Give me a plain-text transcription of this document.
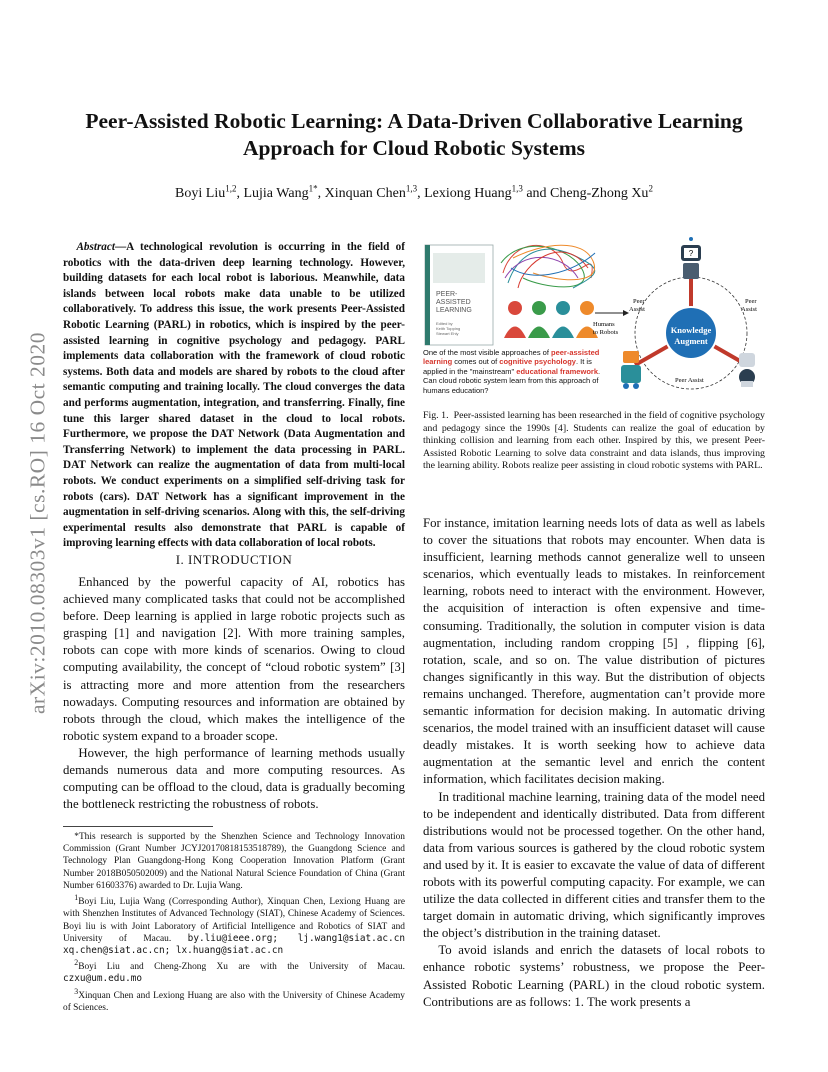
arXiv:2010.08303v1 [cs.RO] 16 Oct 2020
Peer-Assisted Robotic Learning: A Data-Driven Collaborative Learning
Approach for Cloud Robotic Systems
Boyi Liu$^{1,2}$, Lujia Wang$^{1*}$, Xinquan Chen$^{1,3}$, Lexiong Huang$^{1,3}$ and Cheng-Zhong Xu$^2$
Abstract—A technological revolution is occurring in the field of robotics with the data-driven deep learning technology. However, building datasets for each local robot is laborious. Meanwhile, data islands between local robots make data unable to be utilized collaboratively. To address this issue, the work presents Peer-Assisted Robotic Learning (PARL) in robotics, which is inspired by the peer-assisted learning in cognitive psychology and pedagogy. PARL implements data collaboration with the framework of cloud robotic systems. Both data and models are shared by robots to the cloud after semantic computing and training locally. The cloud converges the data and performs augmentation, integration, and transferring. Finally, fine tune this larger shared dataset in the cloud to local robots. Furthermore, we propose the DAT Network (Data Augmentation and Transferring Network) to implement the data processing in PARL. DAT Network can realize the augmentation of data from multi-local robots. We conduct experiments on a simplified self-driving task for robots (cars). DAT Network has a significant improvement in the augmentation in self-driving scenarios. Along with this, the self-driving experimental results also demonstrate that PARL is capable of improving learning effects with data collaboration of local robots.
I. INTRODUCTION

Enhanced by the powerful capacity of AI, robotics has achieved many complicated tasks that could not be accomplished before. Deep learning is applied in large robotic projects such as grasping [1] and navigation [2]. With more training samples, robots can cope with more kinds of scenarios. Owing to cloud computing availability, the concept of “cloud robotic system” [3] is attracting more and more attention from the researchers nowadays. Computing resources and information are obtained by robots through the cloud, which makes the intelligence of the robotic system expand to a broader scope.

However, the high performance of learning methods usually demands numerous data and more computing resources. As computing can be offload to the cloud, data is gradually becoming the bottleneck restricting the robustness of robots.

*This research is supported by the Shenzhen Science and Technology Innovation Commission (Grant Number JCYJ20170818153518789), the Guangdong Science and Technology Plan Guangdong-Hong Kong Cooperation Innovation Platform (Grant Number 2018B050502009) and the National Natural Science Foundation of China (Grant Number 61603376) awarded to Dr. Lujia Wang.

$^1$Boyi Liu, Lujia Wang (Corresponding Author), Xinquan Chen, Lexiong Huang are with Shenzhen Institutes of Advanced Technology (SIAT), Chinese Academy of Sciences. Boyi liu is with Joint Laboratory of Artificial Intelligence and Robotics of SIAT and University of Macau. by.liu@ieee.org; lj.wang1@siat.ac.cn xq.chen@siat.ac.cn; lx.huang@siat.ac.cn

$^2$Boyi Liu and Cheng-Zhong Xu are with the University of Macau. czxu@um.edu.mo

$^3$Xinquan Chen and Lexiong Huang are also with the University of Chinese Academy of Sciences.

PEER-
ASSISTED
LEARNING
Edited by
Keith Topping
Stewart Ehly
Humans
to Robots	Knowledge
Augment
?
Peer
Assist
Peer
Assist
Peer Assist
One of the most visible approaches of peer-assisted learning comes out of cognitive psychology. It is applied in the "mainstream" educational framework. Can cloud robotic system learn from this approach of humans education?
Fig. 1. Peer-assisted learning has been researched in the field of cognitive psychology and pedagogy since the 1990s [4]. Students can realize the goal of education by thinking collision and learning from each other. Inspired by this, we present Peer-Assisted Robotic Learning to solve data constraint and data islands, thus improving the learning ability. Robots realize peer assisting in cloud robotic systems with PARL.

For instance, imitation learning needs lots of data as well as labels to cover the situations that robots may encounter. When data is insufficient, learning methods cannot generalize well to unseen scenarios, which eventually leads to mistakes. In reinforcement learning, robots need to interact with the environment. However, the acquisition of interaction is often expensive and time-consuming. Traditionally, the solution in computer vision is data augmentation, including random cropping [5] , flipping [6], rotation, scale, and so on. The value distribution of pictures changes significantly in this way. But the distribution of objects remains unchanged. Therefore, augmentation can’t provide more semantic information for decision making. In automatic driving scenarios, the model trained with an insufficient dataset will cause deadly mistakes. It is worth seeking how to achieve data augmentation at the semantic level and enrich the content information, which facilitates decision making.

In traditional machine learning, training data of the model need to be independent and identically distributed. Data from different distributions would not be processed together. On the other hand, data from various sources is gathered by the cloud robotic system and used by it. It is easier to excavate the value of data of different robots with its powerful computing capacity. For example, we can utilize the data collected in different cities and transfer them to the target domain in automatic driving, which significantly improves the object’s distribution in the training dataset.

To avoid islands and enrich the datasets of local robots to enhance robotic systems’ robustness, we propose the Peer-Assisted Robotic Learning (PARL) in the cloud robotic system. Contributions are as follows: 1. The work presents a
